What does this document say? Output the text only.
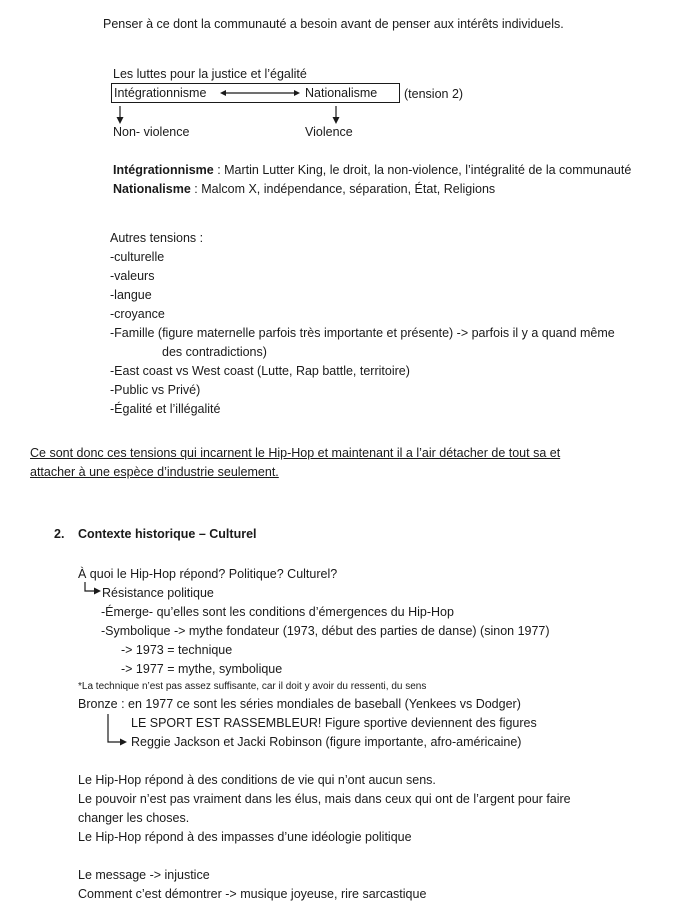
Penser à ce dont la communauté a besoin avant de penser aux intérêts individuels.
Les luttes pour la justice et l’égalité
Intégrationnisme	Nationalisme (tension 2)
Non- violence	Violence
Intégrationnisme : Martin Lutter King, le droit, la non-violence, l’intégralité de la communauté
Nationalisme : Malcom X, indépendance, séparation, État, Religions
Autres tensions :
-culturelle
-valeurs
-langue
-croyance
-Famille (figure maternelle parfois très importante et présente) -> parfois il y a quand même
des contradictions)
-East coast vs West coast (Lutte, Rap battle, territoire)
-Public vs Privé)
-Égalité et l’illégalité
Ce sont donc ces tensions qui incarnent le Hip-Hop et maintenant il a l’air détacher de tout sa et
attacher à une espèce d’industrie seulement.
2. Contexte historique – Culturel
À quoi le Hip-Hop répond? Politique? Culturel?
Résistance politique
-Émerge- qu’elles sont les conditions d’émergences du Hip-Hop
-Symbolique -> mythe fondateur (1973, début des parties de danse) (sinon 1977)
-> 1973 = technique
-> 1977 = mythe, symbolique
*La technique n’est pas assez suffisante, car il doit y avoir du ressenti, du sens
Bronze : en 1977 ce sont les séries mondiales de baseball (Yenkees vs Dodger)
LE SPORT EST RASSEMBLEUR! Figure sportive deviennent des figures
Reggie Jackson et Jacki Robinson (figure importante, afro-américaine)
Le Hip-Hop répond à des conditions de vie qui n’ont aucun sens.
Le pouvoir n’est pas vraiment dans les élus, mais dans ceux qui ont de l’argent pour faire
changer les choses.
Le Hip-Hop répond à des impasses d’une idéologie politique
Le message -> injustice
Comment c’est démontrer -> musique joyeuse, rire sarcastique
